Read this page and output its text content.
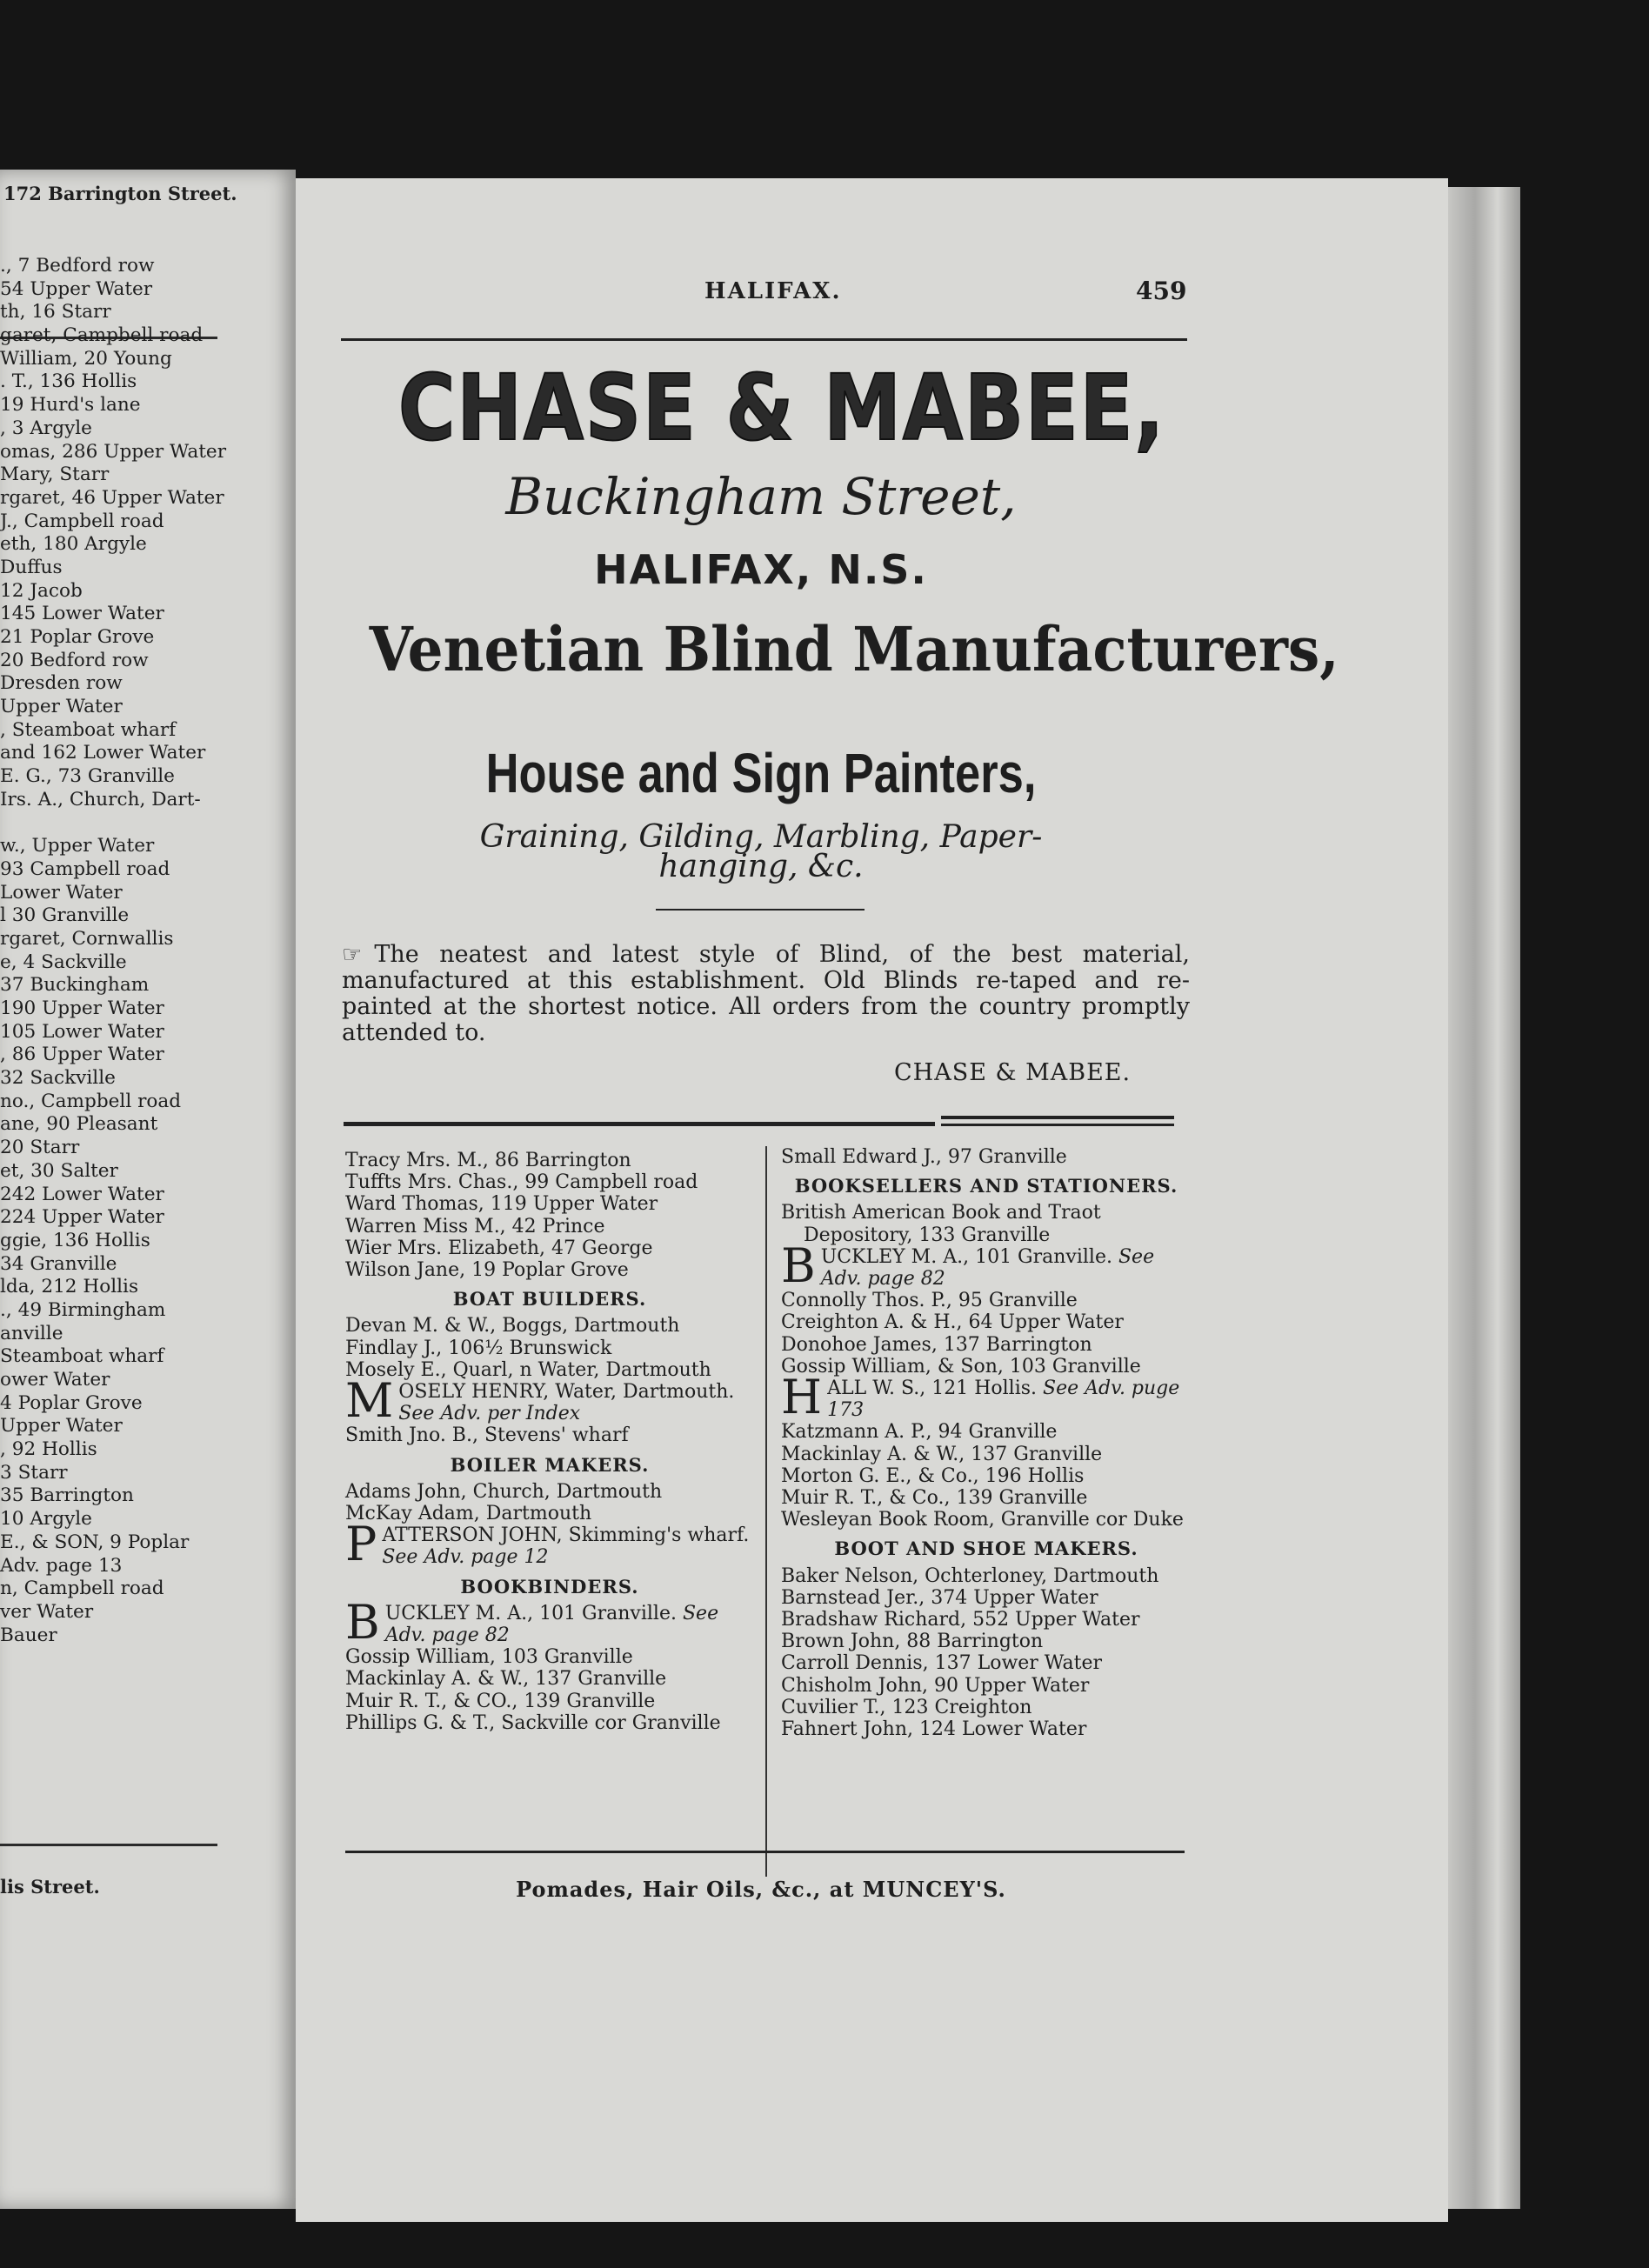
172 Barrington Street.
., 7 Bedford row
54 Upper Water
th, 16 Starr
garet, Campbell road
William, 20 Young
. T., 136 Hollis
19 Hurd's lane
, 3 Argyle
omas, 286 Upper Water
Mary, Starr
rgaret, 46 Upper Water
J., Campbell road
eth, 180 Argyle
Duffus
12 Jacob
145 Lower Water
21 Poplar Grove
20 Bedford row
Dresden row
Upper Water
, Steamboat wharf
and 162 Lower Water
E. G., 73 Granville
Irs. A., Church, Dart-
w., Upper Water
93 Campbell road
Lower Water
l 30 Granville
rgaret, Cornwallis
e, 4 Sackville
37 Buckingham
190 Upper Water
105 Lower Water
, 86 Upper Water
32 Sackville
no., Campbell road
ane, 90 Pleasant
20 Starr
et, 30 Salter
242 Lower Water
224 Upper Water
ggie, 136 Hollis
34 Granville
lda, 212 Hollis
., 49 Birmingham
anville
Steamboat wharf
ower Water
4 Poplar Grove
Upper Water
, 92 Hollis
3 Starr
35 Barrington
10 Argyle
E., & SON, 9 Poplar
Adv. page 13
n, Campbell road
ver Water
Bauer
lis Street.
HALIFAX.	459
CHASE & MABEE,
Buckingham Street,
HALIFAX, N.S.
Venetian Blind Manufacturers,
House and Sign Painters,
Graining, Gilding, Marbling, Paper-
hanging, &c.
☞ The neatest and latest style of Blind, of the best material, manufactured at this establishment. Old Blinds re-taped and re-painted at the shortest notice. All orders from the country promptly attended to.
CHASE & MABEE.
Tracy Mrs. M., 86 Barrington
Tuffts Mrs. Chas., 99 Campbell road
Ward Thomas, 119 Upper Water
Warren Miss M., 42 Prince
Wier Mrs. Elizabeth, 47 George
Wilson Jane, 19 Poplar Grove
BOAT BUILDERS.
Devan M. & W., Boggs, Dartmouth
Findlay J., 106½ Brunswick
Mosely E., Quarl, n Water, Dartmouth
MOSELY HENRY, Water, Dartmouth. See Adv. per Index
Smith Jno. B., Stevens' wharf
BOILER MAKERS.
Adams John, Church, Dartmouth
McKay Adam, Dartmouth
PATTERSON JOHN, Skimming's wharf. See Adv. page 12
BOOKBINDERS.
BUCKLEY M. A., 101 Granville. See Adv. page 82
Gossip William, 103 Granville
Mackinlay A. & W., 137 Granville
Muir R. T., & CO., 139 Granville
Phillips G. & T., Sackville cor Granville
Small Edward J., 97 Granville
BOOKSELLERS AND STATIONERS.
British American Book and Traot Depository, 133 Granville
BUCKLEY M. A., 101 Granville. See Adv. page 82
Connolly Thos. P., 95 Granville
Creighton A. & H., 64 Upper Water
Donohoe James, 137 Barrington
Gossip William, & Son, 103 Granville
HALL W. S., 121 Hollis. See Adv. puge 173
Katzmann A. P., 94 Granville
Mackinlay A. & W., 137 Granville
Morton G. E., & Co., 196 Hollis
Muir R. T., & Co., 139 Granville
Wesleyan Book Room, Granville cor Duke
BOOT AND SHOE MAKERS.
Baker Nelson, Ochterloney, Dartmouth
Barnstead Jer., 374 Upper Water
Bradshaw Richard, 552 Upper Water
Brown John, 88 Barrington
Carroll Dennis, 137 Lower Water
Chisholm John, 90 Upper Water
Cuvilier T., 123 Creighton
Fahnert John, 124 Lower Water
Pomades, Hair Oils, &c., at MUNCEY'S.
